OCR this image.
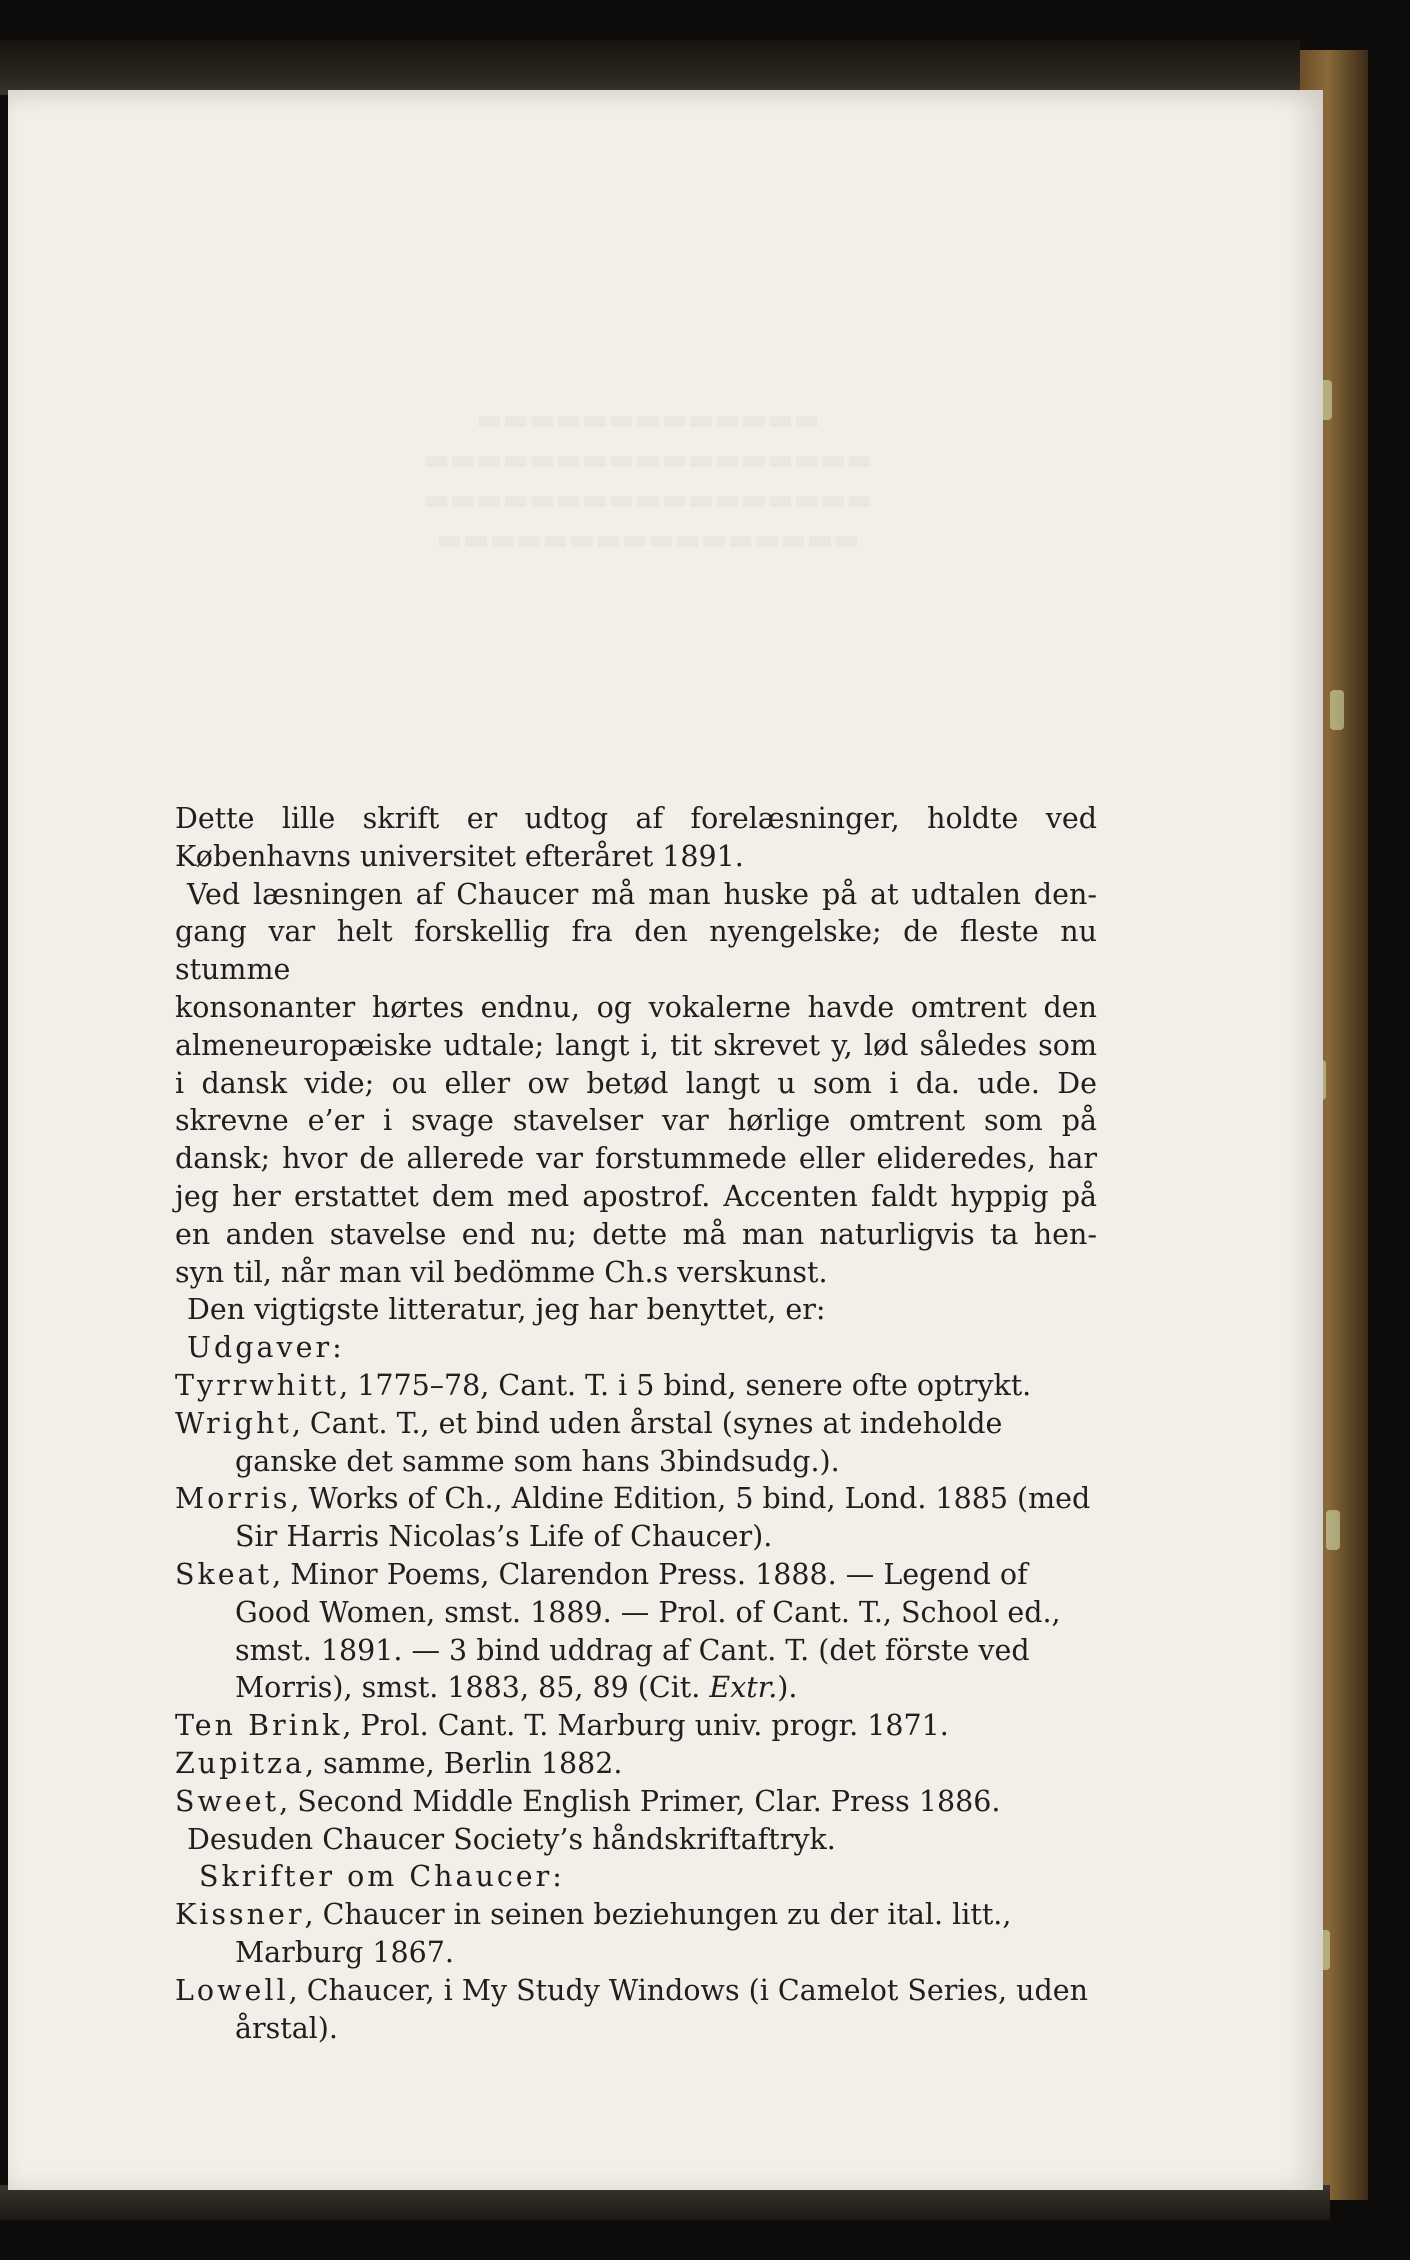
▬▬▬▬▬▬▬▬▬▬▬▬▬
▬▬▬▬▬▬▬▬▬▬▬▬▬▬▬▬▬
▬▬▬▬▬▬▬▬▬▬▬▬▬▬▬▬▬
▬▬▬▬▬▬▬▬▬▬▬▬▬▬▬▬

Dette lille skrift er udtog af forelæsninger, holdte ved

Københavns universitet efteråret 1891.

Ved læsningen af Chaucer må man huske på at udtalen den-

gang var helt forskellig fra den nyengelske; de fleste nu stumme

konsonanter hørtes endnu, og vokalerne havde omtrent den

almeneuropæiske udtale; langt i, tit skrevet y, lød således som

i dansk vide; ou eller ow betød langt u som i da. ude. De

skrevne e’er i svage stavelser var hørlige omtrent som på

dansk; hvor de allerede var forstummede eller elideredes, har

jeg her erstattet dem med apostrof. Accenten faldt hyppig på

en anden stavelse end nu; dette må man naturligvis ta hen-

syn til, når man vil bedömme Ch.s verskunst.

Den vigtigste litteratur, jeg har benyttet, er:

Udgaver:

Tyrrwhitt, 1775–78, Cant. T. i 5 bind, senere ofte optrykt.

Wright, Cant. T., et bind uden årstal (synes at indeholde ganske det samme som hans 3bindsudg.).

Morris, Works of Ch., Aldine Edition, 5 bind, Lond. 1885 (med Sir Harris Nicolas’s Life of Chaucer).

Skeat, Minor Poems, Clarendon Press. 1888. — Legend of Good Women, smst. 1889. — Prol. of Cant. T., School ed., smst. 1891. — 3 bind uddrag af Cant. T. (det förste ved Morris), smst. 1883, 85, 89 (Cit. Extr.).

Ten Brink, Prol. Cant. T. Marburg univ. progr. 1871.

Zupitza, samme, Berlin 1882.

Sweet, Second Middle English Primer, Clar. Press 1886.

Desuden Chaucer Society’s håndskriftaftryk.

Skrifter om Chaucer:

Kissner, Chaucer in seinen beziehungen zu der ital. litt., Marburg 1867.

Lowell, Chaucer, i My Study Windows (i Camelot Series, uden årstal).
